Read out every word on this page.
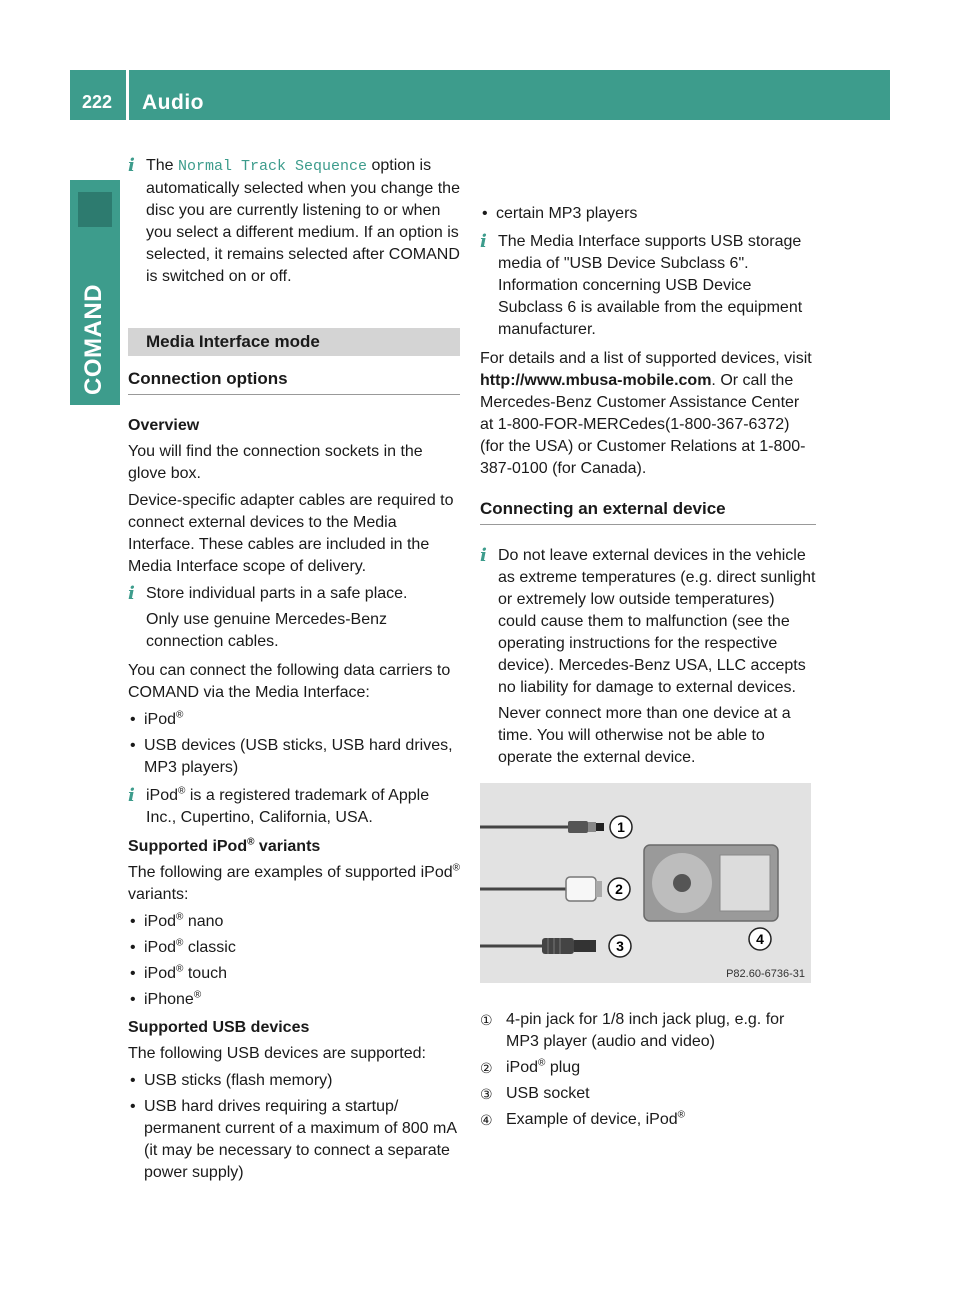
222 Audio
COMAND
i The Normal Track Sequence option is automatically selected when you change the disc you are currently listening to or when you select a different medium. If an option is selected, it remains selected after COMAND is switched on or off.

Media Interface mode
Connection options
Overview

You will find the connection sockets in the glove box.

Device-specific adapter cables are required to connect external devices to the Media Interface. These cables are included in the Media Interface scope of delivery.

i Store individual parts in a safe place.

Only use genuine Mercedes-Benz connection cables.

You can connect the following data carriers to COMAND via the Media Interface:

• iPod®
• USB devices (USB sticks, USB hard drives, MP3 players)
i iPod® is a registered trademark of Apple Inc., Cupertino, California, USA.

Supported iPod® variants

The following are examples of supported iPod® variants:

• iPod® nano
• iPod® classic
• iPod® touch
• iPhone®
Supported USB devices

The following USB devices are supported:

• USB sticks (flash memory)
• USB hard drives requiring a startup/ permanent current of a maximum of 800 mA (it may be necessary to connect a separate power supply)
• certain MP3 players
i The Media Interface supports USB storage media of "USB Device Subclass 6". Information concerning USB Device Subclass 6 is available from the equipment manufacturer.

For details and a list of supported devices, visit http://www.mbusa-mobile.com. Or call the Mercedes-Benz Customer Assistance Center at 1-800-FOR-MERCedes(1-800-367-6372) (for the USA) or Customer Relations at 1-800-387-0100 (for Canada).

Connecting an external device
i Do not leave external devices in the vehicle as extreme temperatures (e.g. direct sunlight or extremely low outside temperatures) could cause them to malfunction (see the operating instructions for the respective device). Mercedes-Benz USA, LLC accepts no liability for damage to external devices.

Never connect more than one device at a time. You will otherwise not be able to operate the external device.

1
2
3	4
P82.60-6736-31
① 4-pin jack for 1/8 inch jack plug, e.g. for MP3 player (audio and video)
② iPod® plug
③ USB socket
④ Example of device, iPod®
